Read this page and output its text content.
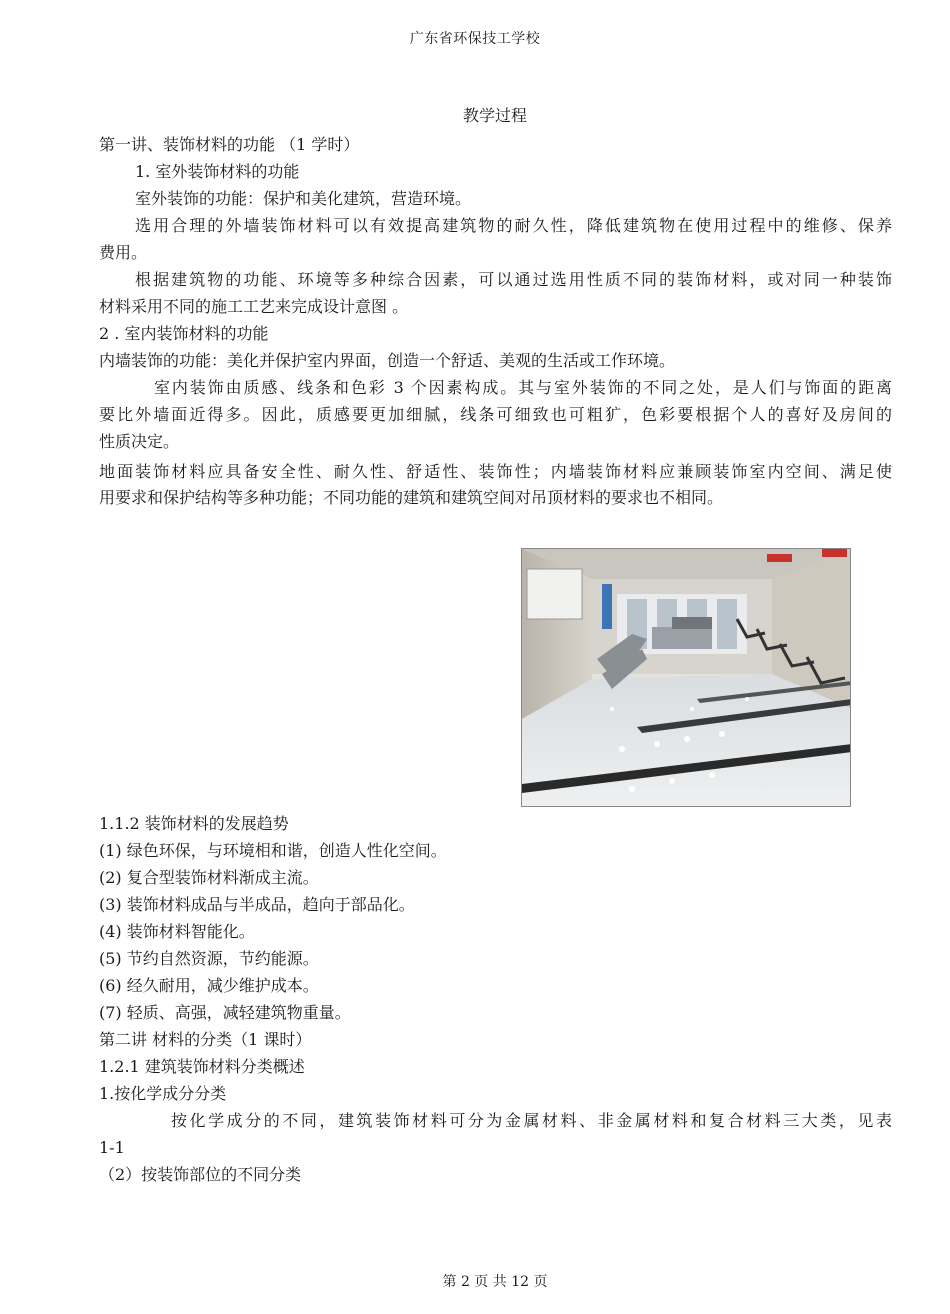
广东省环保技工学校
教学过程
第一讲、装饰材料的功能 （1 学时）
1. 室外装饰材料的功能
室外装饰的功能：保护和美化建筑，营造环境。
选用合理的外墙装饰材料可以有效提高建筑物的耐久性，降低建筑物在使用过程中的维修、保养
费用。
根据建筑物的功能、环境等多种综合因素，可以通过选用性质不同的装饰材料，或对同一种装饰
材料采用不同的施工工艺来完成设计意图 。
2 . 室内装饰材料的功能
内墙装饰的功能：美化并保护室内界面，创造一个舒适、美观的生活或工作环境。
室内装饰由质感、线条和色彩 3 个因素构成。其与室外装饰的不同之处，是人们与饰面的距离
要比外墙面近得多。因此，质感要更加细腻，线条可细致也可粗犷，色彩要根据个人的喜好及房间的
性质决定。
地面装饰材料应具备安全性、耐久性、舒适性、装饰性；内墙装饰材料应兼顾装饰室内空间、满足使
用要求和保护结构等多种功能；不同功能的建筑和建筑空间对吊顶材料的要求也不相同。
1.1.2 装饰材料的发展趋势
(1) 绿色环保，与环境相和谐，创造人性化空间。
(2) 复合型装饰材料渐成主流。
(3) 装饰材料成品与半成品，趋向于部品化。
(4) 装饰材料智能化。
(5) 节约自然资源，节约能源。
(6) 经久耐用，减少维护成本。
(7) 轻质、高强，减轻建筑物重量。
第二讲 材料的分类（1 课时）
1.2.1 建筑装饰材料分类概述
1.按化学成分分类
按化学成分的不同，建筑装饰材料可分为金属材料、非金属材料和复合材料三大类，见表
1-1
（2）按装饰部位的不同分类
第 2 页 共 12 页
